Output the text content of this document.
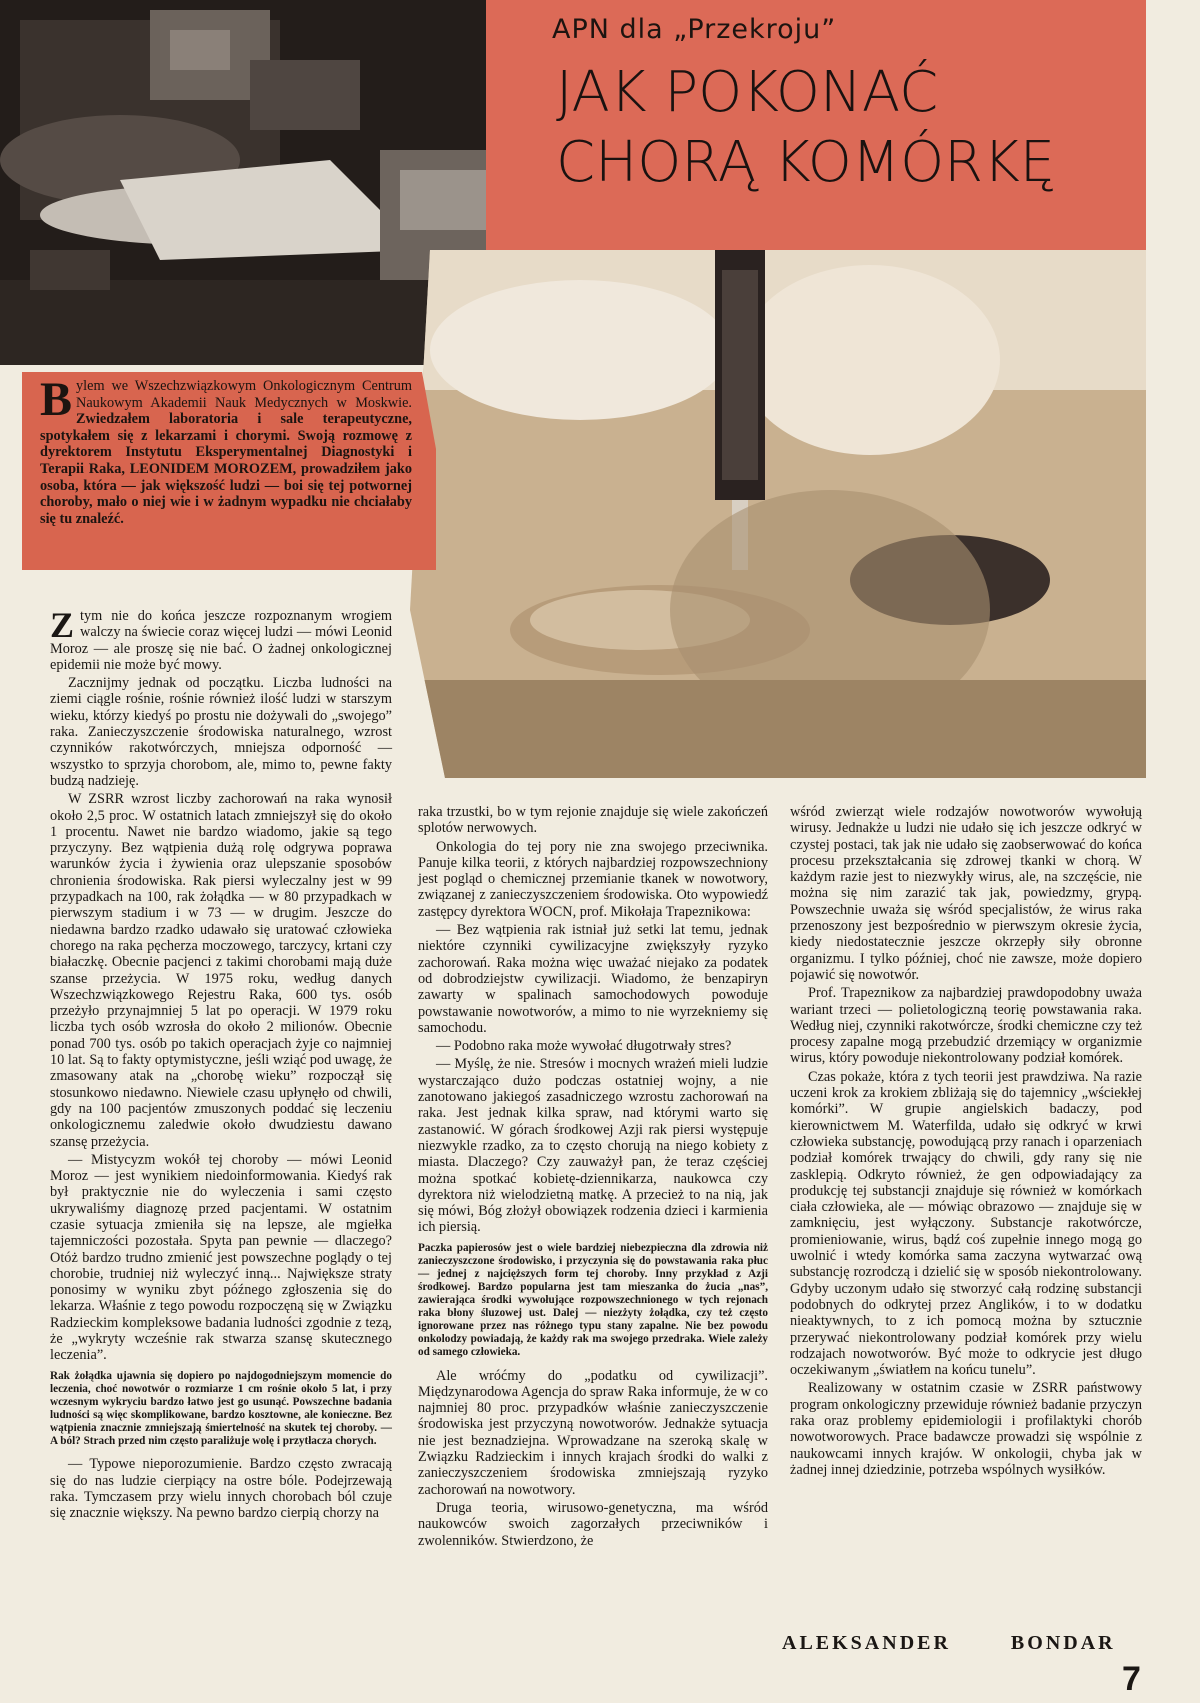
APN dla „Przekroju”
JAK POKONAĆ
CHORĄ KOMÓRKĘ
Bylem we Wszechzwiązkowym Onkologicznym Centrum Naukowym Akademii Nauk Medycznych w Moskwie. Zwiedzałem laboratoria i sale terapeutyczne, spotykałem się z lekarzami i chorymi. Swoją rozmowę z dyrektorem Instytutu Eksperymentalnej Diagnostyki i Terapii Raka, LEONIDEM MOROZEM, prowadziłem jako osoba, która — jak większość ludzi — boi się tej potwornej choroby, mało o niej wie i w żadnym wypadku nie chciałaby się tu znaleźć.

Ztym nie do końca jeszcze rozpoznanym wrogiem walczy na świecie coraz więcej ludzi — mówi Leonid Moroz — ale proszę się nie bać. O żadnej onkologicznej epidemii nie może być mowy.

Zacznijmy jednak od początku. Liczba ludności na ziemi ciągle rośnie, rośnie również ilość ludzi w starszym wieku, którzy kiedyś po prostu nie dożywali do „swojego” raka. Zanieczyszczenie środowiska naturalnego, wzrost czynników rakotwórczych, mniejsza odporność — wszystko to sprzyja chorobom, ale, mimo to, pewne fakty budzą nadzieję.

W ZSRR wzrost liczby zachorowań na raka wynosił około 2,5 proc. W ostatnich latach zmniejszył się do około 1 procentu. Nawet nie bardzo wiadomo, jakie są tego przyczyny. Bez wątpienia dużą rolę odgrywa poprawa warunków życia i żywienia oraz ulepszanie sposobów chronienia środowiska. Rak piersi wyleczalny jest w 99 przypadkach na 100, rak żołądka — w 80 przypadkach w pierwszym stadium i w 73 — w drugim. Jeszcze do niedawna bardzo rzadko udawało się uratować człowieka chorego na raka pęcherza moczowego, tarczycy, krtani czy białaczkę. Obecnie pacjenci z takimi chorobami mają duże szanse przeżycia. W 1975 roku, według danych Wszechzwiązkowego Rejestru Raka, 600 tys. osób przeżyło przynajmniej 5 lat po operacji. W 1979 roku liczba tych osób wzrosła do około 2 milionów. Obecnie ponad 700 tys. osób po takich operacjach żyje co najmniej 10 lat. Są to fakty optymistyczne, jeśli wziąć pod uwagę, że zmasowany atak na „chorobę wieku” rozpoczął się stosunkowo niedawno. Niewiele czasu upłynęło od chwili, gdy na 100 pacjentów zmuszonych poddać się leczeniu onkologicznemu zaledwie około dwudziestu dawano szansę przeżycia.

— Mistycyzm wokół tej choroby — mówi Leonid Moroz — jest wynikiem niedoinformowania. Kiedyś rak był praktycznie nie do wyleczenia i sami często ukrywaliśmy diagnozę przed pacjentami. W ostatnim czasie sytuacja zmieniła się na lepsze, ale mgiełka tajemniczości pozostała. Spyta pan pewnie — dlaczego? Otóż bardzo trudno zmienić jest powszechne poglądy o tej chorobie, trudniej niż wyleczyć inną... Największe straty ponosimy w wyniku zbyt późnego zgłoszenia się do lekarza. Właśnie z tego powodu rozpoczęną się w Związku Radzieckim kompleksowe badania ludności zgodnie z tezą, że „wykryty wcześnie rak stwarza szansę skutecznego leczenia”.

Rak żołądka ujawnia się dopiero po najdogodniejszym momencie do leczenia, choć nowotwór o rozmiarze 1 cm rośnie około 5 lat, i przy wczesnym wykryciu bardzo łatwo jest go usunąć. Powszechne badania ludności są więc skomplikowane, bardzo kosztowne, ale konieczne. Bez wątpienia znacznie zmniejszają śmiertelność na skutek tej choroby. — A ból? Strach przed nim często paraliżuje wolę i przytłacza chorych.

— Typowe nieporozumienie. Bardzo często zwracają się do nas ludzie cierpiący na ostre bóle. Podejrzewają raka. Tymczasem przy wielu innych chorobach ból czuje się znacznie większy. Na pewno bardzo cierpią chorzy na

raka trzustki, bo w tym rejonie znajduje się wiele zakończeń splotów nerwowych.

Onkologia do tej pory nie zna swojego przeciwnika. Panuje kilka teorii, z których najbardziej rozpowszechniony jest pogląd o chemicznej przemianie tkanek w nowotwory, związanej z zanieczyszczeniem środowiska. Oto wypowiedź zastępcy dyrektora WOCN, prof. Mikołaja Trapeznikowa:

— Bez wątpienia rak istniał już setki lat temu, jednak niektóre czynniki cywilizacyjne zwiększyły ryzyko zachorowań. Raka można więc uważać niejako za podatek od dobrodziejstw cywilizacji. Wiadomo, że benzapiryn zawarty w spalinach samochodowych powoduje powstawanie nowotworów, a mimo to nie wyrzekniemy się samochodu.

— Podobno raka może wywołać długotrwały stres?

— Myślę, że nie. Stresów i mocnych wrażeń mieli ludzie wystarczająco dużo podczas ostatniej wojny, a nie zanotowano jakiegoś zasadniczego wzrostu zachorowań na raka. Jest jednak kilka spraw, nad którymi warto się zastanowić. W górach środkowej Azji rak piersi występuje niezwykle rzadko, za to często chorują na niego kobiety z miasta. Dlaczego? Czy zauważył pan, że teraz częściej można spotkać kobietę-dziennikarza, naukowca czy dyrektora niż wielodzietną matkę. A przecież to na nią, jak się mówi, Bóg złożył obowiązek rodzenia dzieci i karmienia ich piersią.

Paczka papierosów jest o wiele bardziej niebezpieczna dla zdrowia niż zanieczyszczone środowisko, i przyczynia się do powstawania raka płuc — jednej z najcięższych form tej choroby. Inny przykład z Azji środkowej. Bardzo popularna jest tam mieszanka do żucia „nas”, zawierająca środki wywołujące rozpowszechnionego w tych rejonach raka błony śluzowej ust. Dalej — niezżyty żołądka, czy też często ignorowane przez nas różnego typu stany zapalne. Nie bez powodu onkolodzy powiadają, że każdy rak ma swojego przedrakа. Wiele zależy od samego człowieka.

Ale wróćmy do „podatku od cywilizacji”. Międzynarodowa Agencja do spraw Raka informuje, że w co najmniej 80 proc. przypadków właśnie zanieczyszczenie środowiska jest przyczyną nowotworów. Jednakże sytuacja nie jest beznadziejna. Wprowadzane na szeroką skalę w Związku Radzieckim i innych krajach środki do walki z zanieczyszczeniem środowiska zmniejszają ryzyko zachorowań na nowotwory.

Druga teoria, wirusowo-genetyczna, ma wśród naukowców swoich zagorzałych przeciwników i zwolenników. Stwierdzono, że

wśród zwierząt wiele rodzajów nowotworów wywołują wirusy. Jednakże u ludzi nie udało się ich jeszcze odkryć w czystej postaci, tak jak nie udało się zaobserwować do końca procesu przekształcania się zdrowej tkanki w chorą. W każdym razie jest to niezwykły wirus, ale, na szczęście, nie można się nim zarazić tak jak, powiedzmy, grypą. Powszechnie uważa się wśród specjalistów, że wirus raka przenoszony jest bezpośrednio w pierwszym okresie życia, kiedy niedostatecznie jeszcze okrzepły siły obronne organizmu. I tylko później, choć nie zawsze, może dopiero pojawić się nowotwór.

Prof. Trapeznikow za najbardziej prawdopodobny uważa wariant trzeci — polietologiczną teorię powstawania raka. Według niej, czynniki rakotwórcze, środki chemiczne czy też procesy zapalne mogą przebudzić drzemiący w organizmie wirus, który powoduje niekontrolowany podział komórek.

Czas pokaże, która z tych teorii jest prawdziwa. Na razie uczeni krok za krokiem zbliżają się do tajemnicy „wściekłej komórki”. W grupie angielskich badaczy, pod kierownictwem M. Waterfilda, udało się odkryć w krwi człowieka substancję, powodującą przy ranach i oparzeniach podział komórek trwający do chwili, gdy rany się nie zasklepią. Odkryto również, że gen odpowiadający za produkcję tej substancji znajduje się również w komórkach ciała człowieka, ale — mówiąc obrazowo — znajduje się w zamknięciu, jest wyłączony. Substancje rakotwórcze, promieniowanie, wirus, bądź coś zupełnie innego mogą go uwolnić i wtedy komórka sama zaczyna wytwarzać ową substancję rozrodczą i dzielić się w sposób niekontrolowany. Gdyby uczonym udało się stworzyć całą rodzinę substancji podobnych do odkrytej przez Anglików, i to w dodatku nieaktywnych, to z ich pomocą można by sztucznie przerywać niekontrolowany podział komórek przy wielu rodzajach nowotworów. Być może to odkrycie jest długo oczekiwanym „światłem na końcu tunelu”.

Realizowany w ostatnim czasie w ZSRR państwowy program onkologiczny przewiduje również badanie przyczyn raka oraz problemy epidemiologii i profilaktyki chorób nowotworowych. Prace badawcze prowadzi się wspólnie z naukowcami innych krajów. W onkologii, chyba jak w żadnej innej dziedzinie, potrzeba wspólnych wysiłków.

ALEKSANDER	BONDAR
7
